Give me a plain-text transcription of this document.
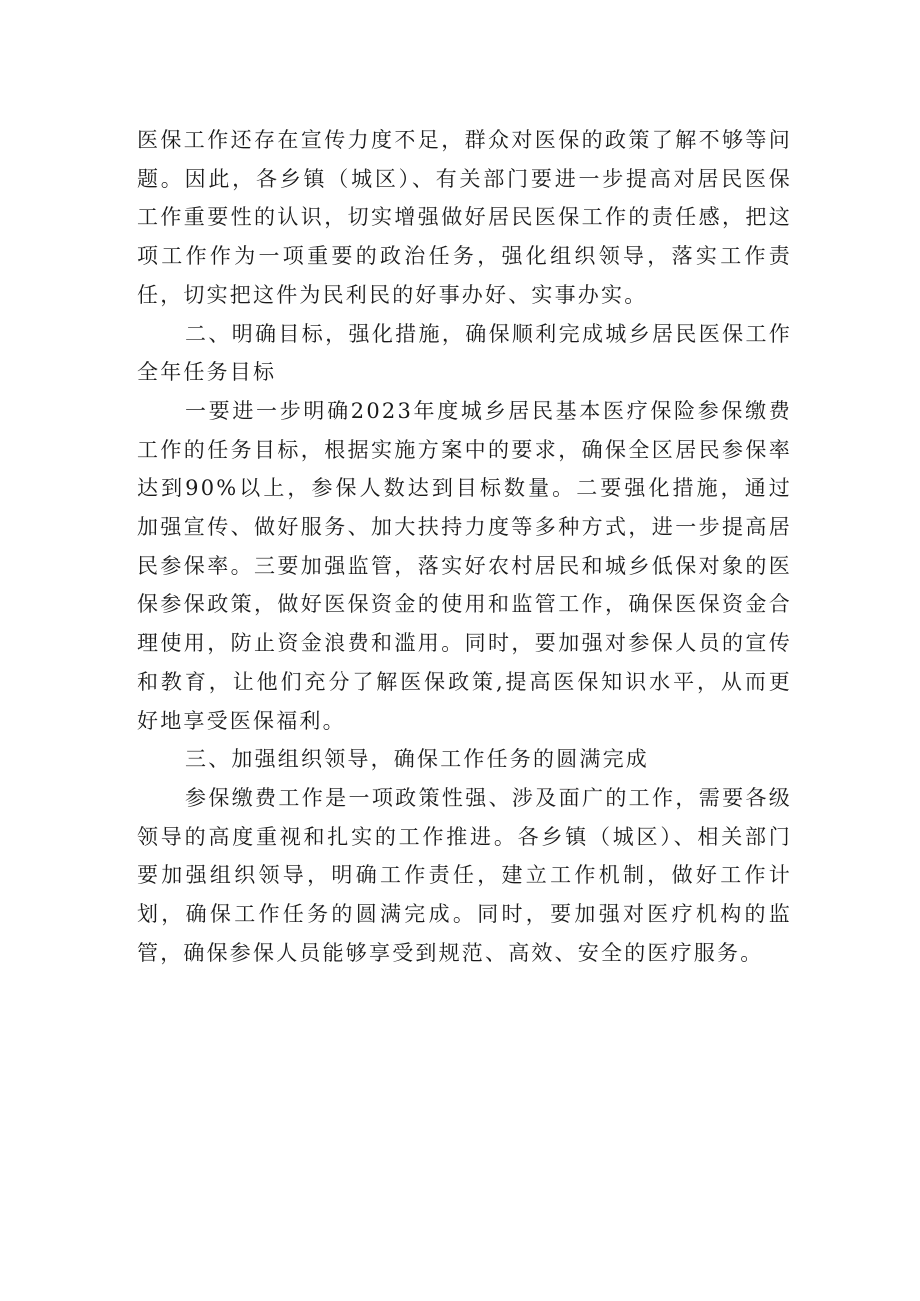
医保工作还存在宣传力度不足，群众对医保的政策了解不够等问题。因此，各乡镇（城区）、有关部门要进一步提高对居民医保工作重要性的认识，切实增强做好居民医保工作的责任感，把这项工作作为一项重要的政治任务，强化组织领导，落实工作责任，切实把这件为民利民的好事办好、实事办实。

二、明确目标，强化措施，确保顺利完成城乡居民医保工作全年任务目标

一要进一步明确2023年度城乡居民基本医疗保险参保缴费工作的任务目标，根据实施方案中的要求，确保全区居民参保率达到90%以上，参保人数达到目标数量。二要强化措施，通过加强宣传、做好服务、加大扶持力度等多种方式，进一步提高居民参保率。三要加强监管，落实好农村居民和城乡低保对象的医保参保政策，做好医保资金的使用和监管工作，确保医保资金合理使用，防止资金浪费和滥用。同时，要加强对参保人员的宣传和教育，让他们充分了解医保政策,提高医保知识水平，从而更好地享受医保福利。

三、加强组织领导，确保工作任务的圆满完成

参保缴费工作是一项政策性强、涉及面广的工作，需要各级领导的高度重视和扎实的工作推进。各乡镇（城区）、相关部门要加强组织领导，明确工作责任，建立工作机制，做好工作计划，确保工作任务的圆满完成。同时，要加强对医疗机构的监管，确保参保人员能够享受到规范、高效、安全的医疗服务。
